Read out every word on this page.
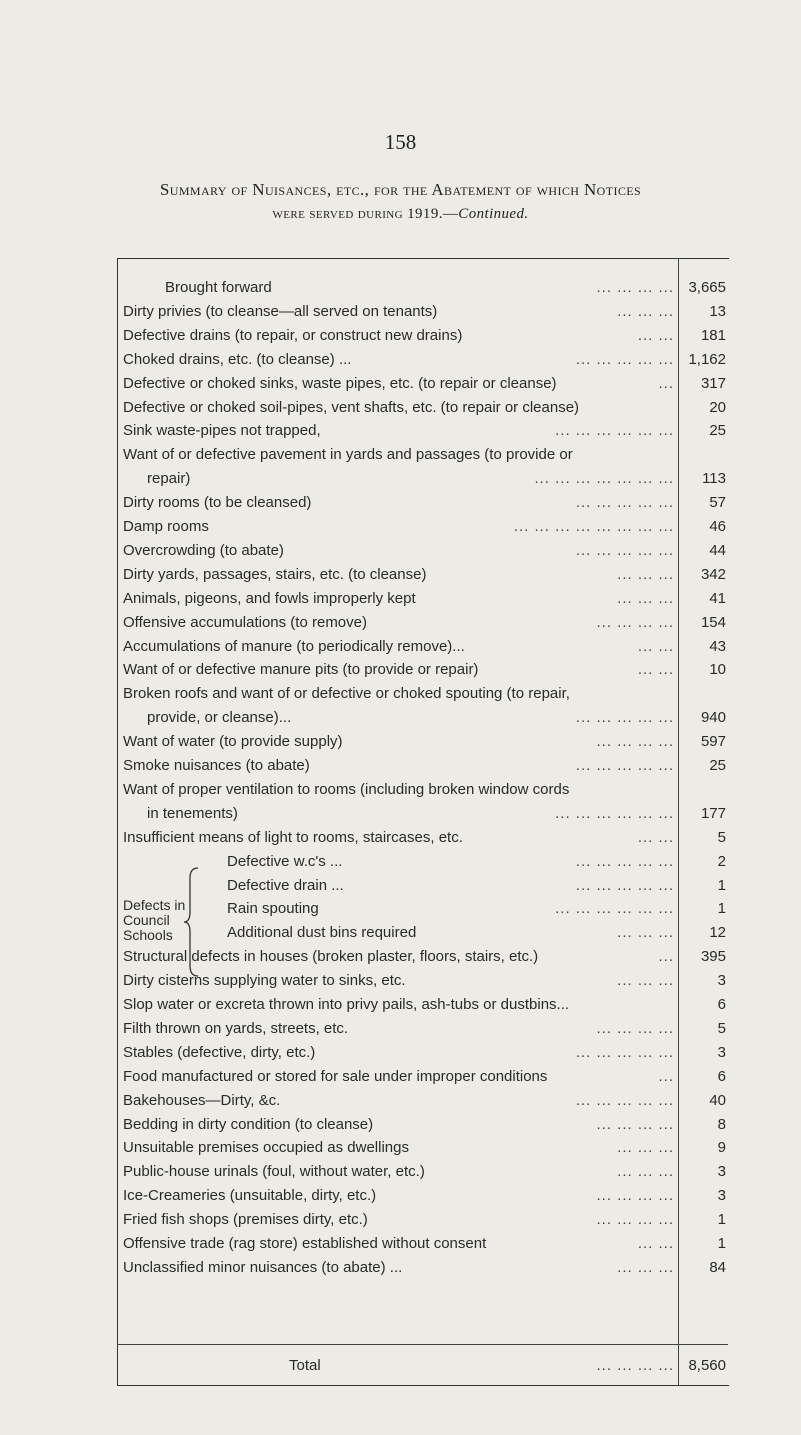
158
Summary of Nuisances, etc., for the Abatement of which Notices
were served during 1919.—Continued.
Brought forward	... ... ... ... 3,665
Dirty privies (to cleanse—all served on tenants)	... ... ...	13
Defective drains (to repair, or construct new drains)	... ...	181
Choked drains, etc. (to cleanse) ...	... ... ... ... ... 1,162
Defective or choked sinks, waste pipes, etc. (to repair or cleanse)	...	317
Defective or choked soil-pipes, vent shafts, etc. (to repair or cleanse)	20
Sink waste-pipes not trapped,	... ... ... ... ... ...	25
Want of or defective pavement in yards and passages (to provide or
repair)	... ... ... ... ... ... ...	113
Dirty rooms (to be cleansed)	... ... ... ... ...	57
Damp rooms	... ... ... ... ... ... ... ...	46
Overcrowding (to abate)	... ... ... ... ...	44
Dirty yards, passages, stairs, etc. (to cleanse)	... ... ...	342
Animals, pigeons, and fowls improperly kept	... ... ...	41
Offensive accumulations (to remove)	... ... ... ...	154
Accumulations of manure (to periodically remove)...	... ...	43
Want of or defective manure pits (to provide or repair)	... ...	10
Broken roofs and want of or defective or choked spouting (to repair,
provide, or cleanse)...	... ... ... ... ...	940
Want of water (to provide supply)	... ... ... ...	597
Smoke nuisances (to abate)	... ... ... ... ...	25
Want of proper ventilation to rooms (including broken window cords
in tenements)	... ... ... ... ... ...	177
Insufficient means of light to rooms, staircases, etc.	... ...	5
Defective w.c's ...	... ... ... ... ...	2
Defective drain ...	... ... ... ... ...	1
Rain spouting	... ... ... ... ... ...	1
Additional dust bins required	... ... ...	12
Structural defects in houses (broken plaster, floors, stairs, etc.)	...	395
Dirty cisterns supplying water to sinks, etc.	... ... ...	3
Slop water or excreta thrown into privy pails, ash-tubs or dustbins...	6
Filth thrown on yards, streets, etc.	... ... ... ...	5
Stables (defective, dirty, etc.)	... ... ... ... ...	3
Food manufactured or stored for sale under improper conditions	...	6
Bakehouses—Dirty, &c.	... ... ... ... ...	40
Bedding in dirty condition (to cleanse)	... ... ... ...	8
Unsuitable premises occupied as dwellings	... ... ...	9
Public-house urinals (foul, without water, etc.)	... ... ...	3
Ice-Creameries (unsuitable, dirty, etc.)	... ... ... ...	3
Fried fish shops (premises dirty, etc.)	... ... ... ...	1
Offensive trade (rag store) established without consent	... ...	1
Unclassified minor nuisances (to abate) ...	... ... ...	84
Defects in Council Schools
Total	... ... ... ... 8,560
